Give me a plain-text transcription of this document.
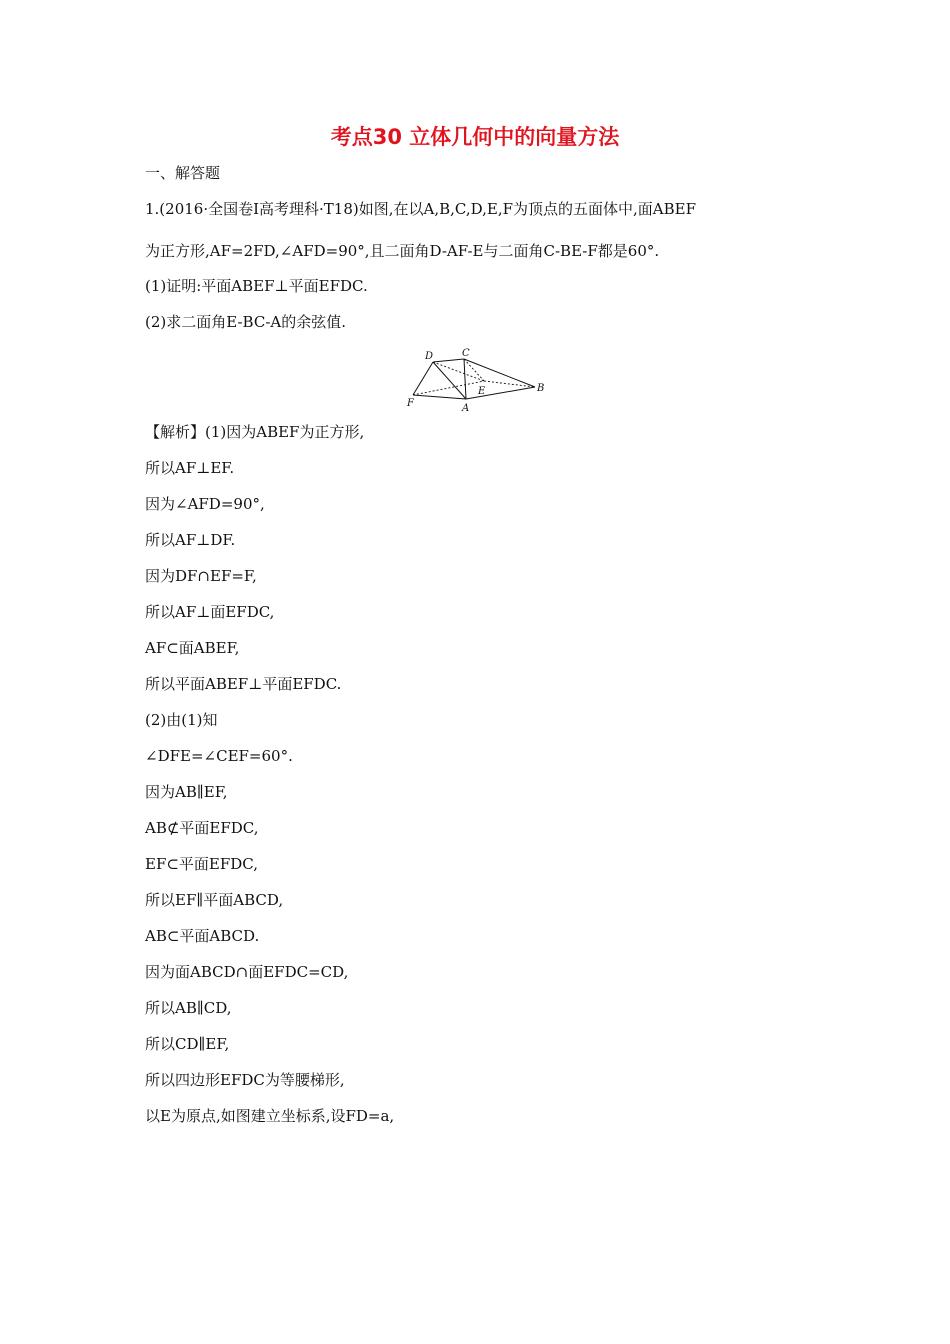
考点30 立体几何中的向量方法
一、解答题
1.(2016·全国卷Ⅰ高考理科·T18)如图,在以A,B,C,D,E,F为顶点的五面体中,面ABEF
为正方形,AF=2FD,∠AFD=90°,且二面角D-AF-E与二面角C-BE-F都是60°.
(1)证明:平面ABEF⊥平面EFDC.
(2)求二面角E-BC-A的余弦值.
D	C
E	B
F	A
【解析】(1)因为ABEF为正方形,
所以AF⊥EF.
因为∠AFD=90°,
所以AF⊥DF.
因为DF∩EF=F,
所以AF⊥面EFDC,
AF⊂面ABEF,
所以平面ABEF⊥平面EFDC.
(2)由(1)知
∠DFE=∠CEF=60°.
因为AB∥EF,
AB⊄平面EFDC,
EF⊂平面EFDC,
所以EF∥平面ABCD,
AB⊂平面ABCD.
因为面ABCD∩面EFDC=CD,
所以AB∥CD,
所以CD∥EF,
所以四边形EFDC为等腰梯形,
以E为原点,如图建立坐标系,设FD=a,
